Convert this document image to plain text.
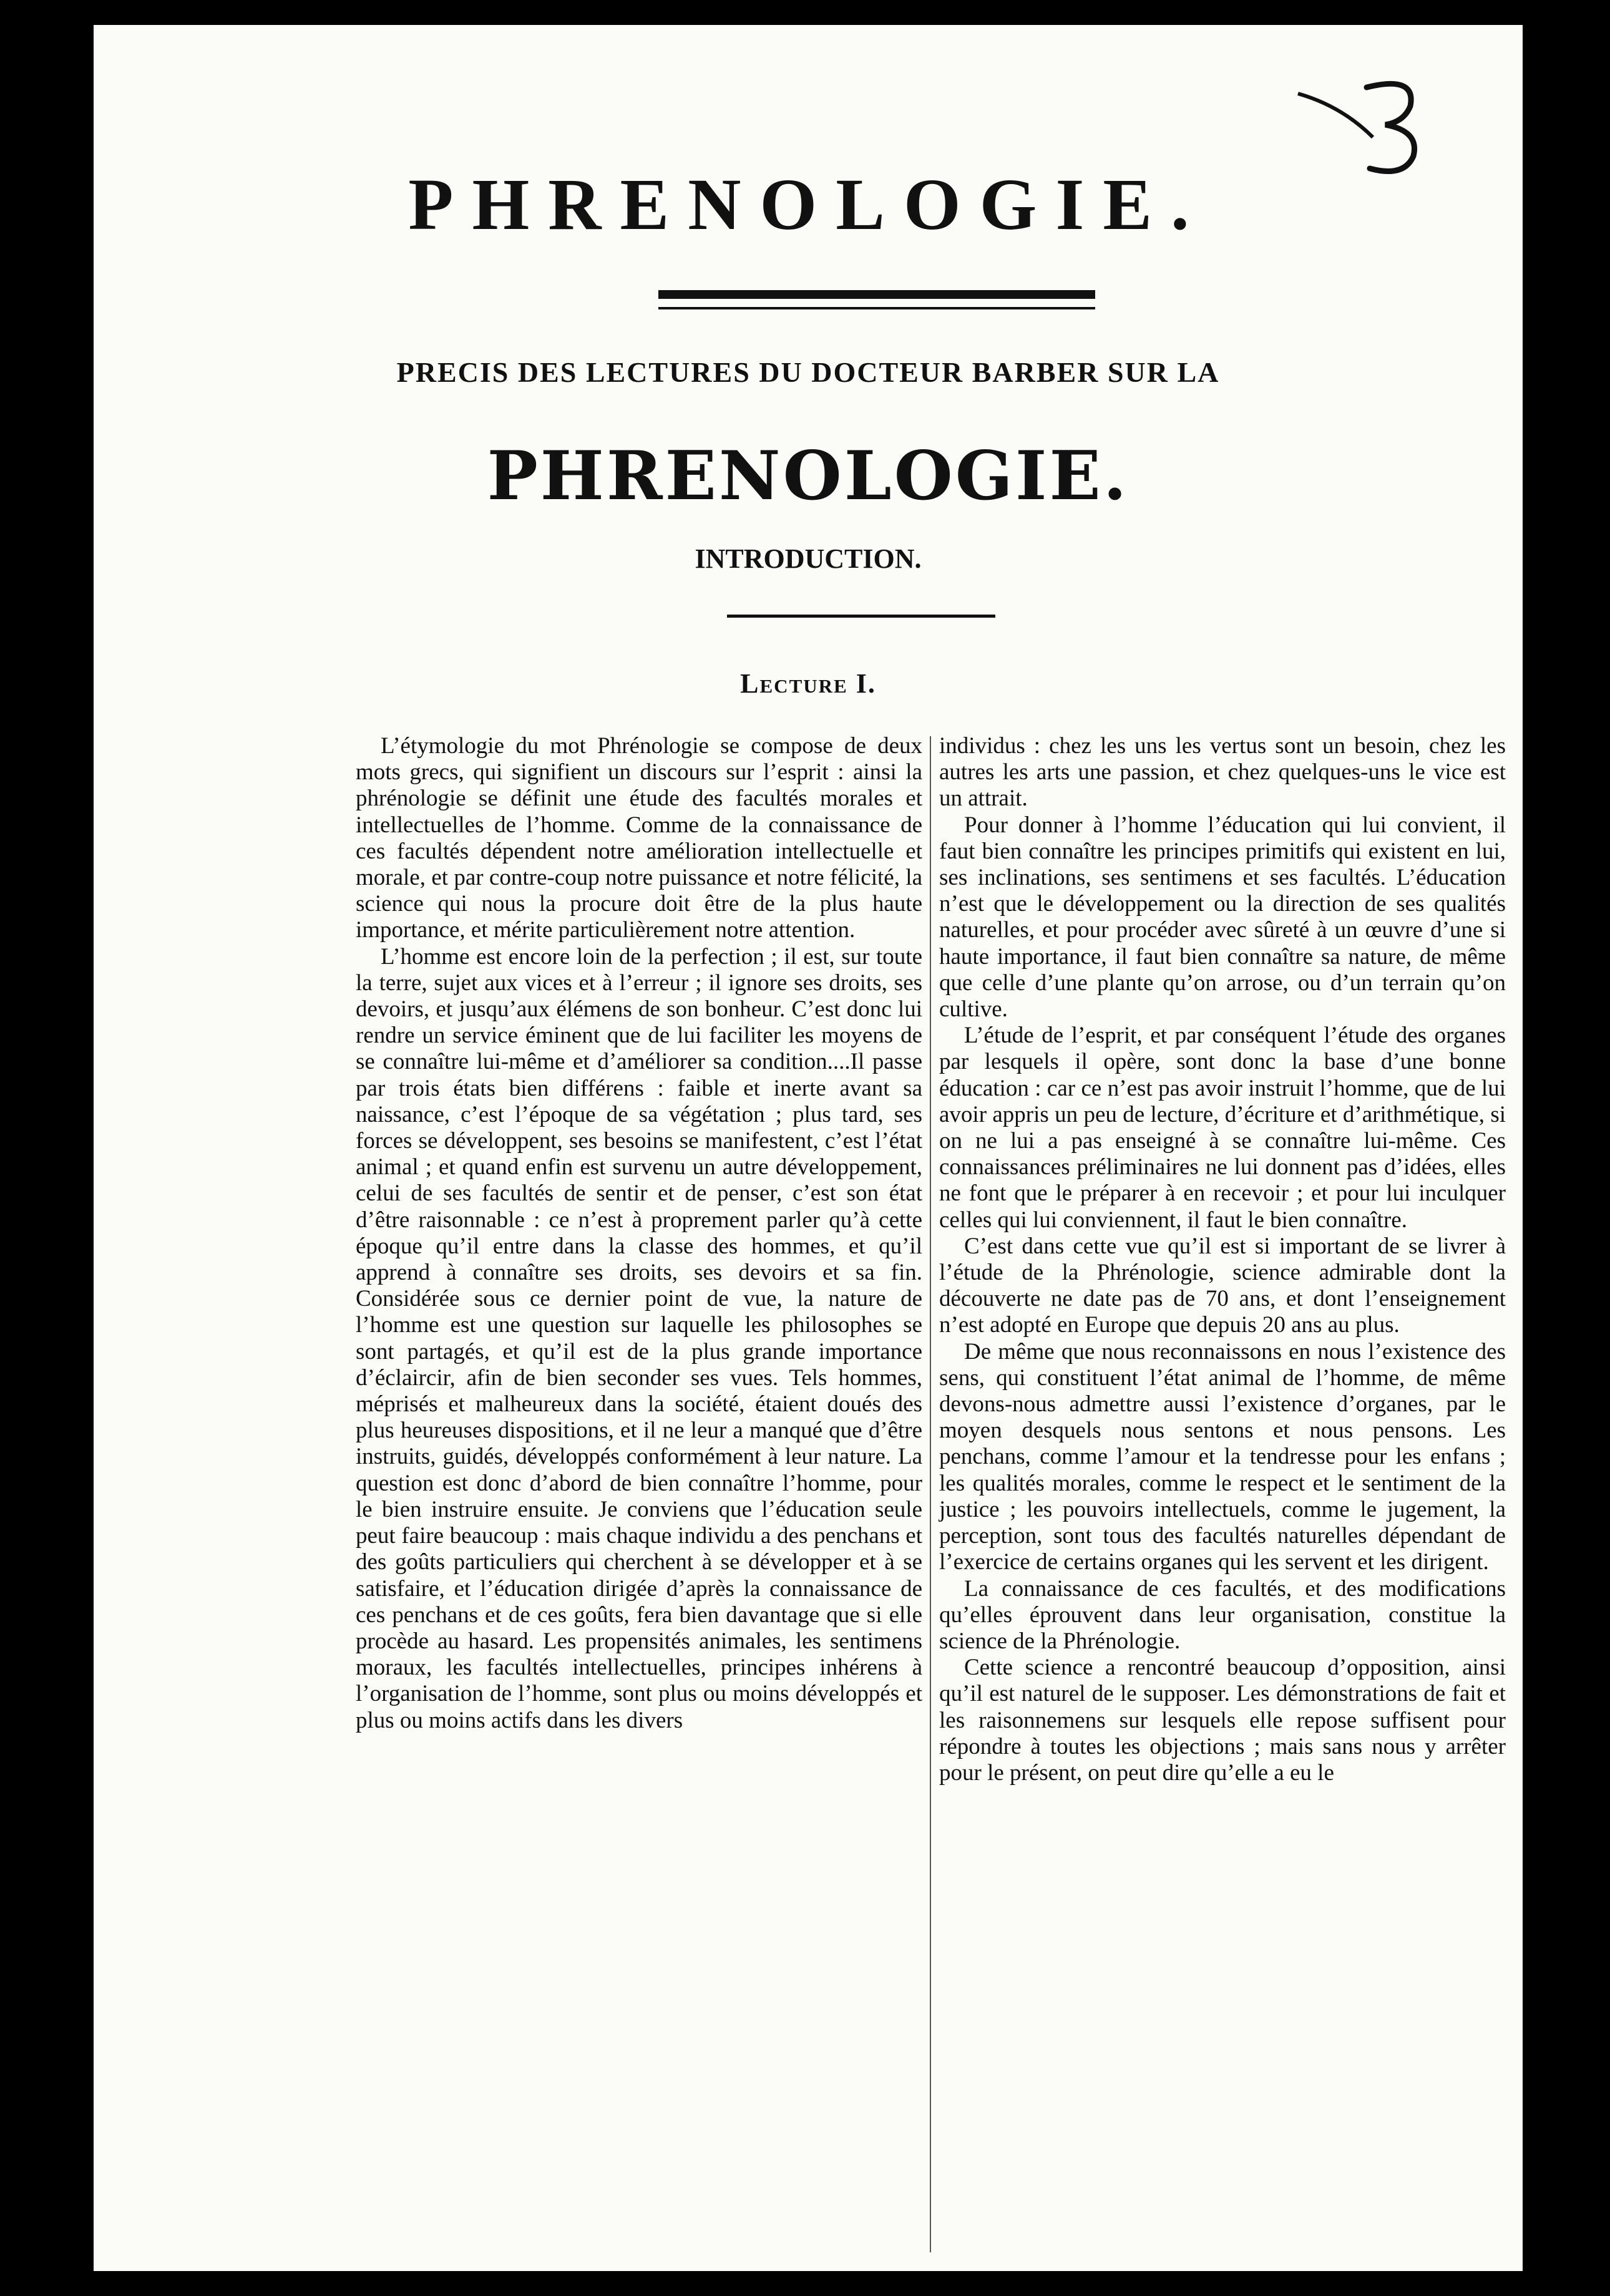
PHRENOLOGIE.
PRECIS DES LECTURES DU DOCTEUR BARBER SUR LA
PHRENOLOGIE.
INTRODUCTION.
Lecture I.

L’étymologie du mot Phrénologie se compose de deux mots grecs, qui signifient un discours sur l’esprit : ainsi la phrénologie se définit une étude des facultés morales et intellectuelles de l’homme. Comme de la connaissance de ces facultés dépendent notre amélioration intellectuelle et morale, et par contre-coup notre puissance et notre félicité, la science qui nous la procure doit être de la plus haute importance, et mérite particulièrement notre attention.

L’homme est encore loin de la perfection ; il est, sur toute la terre, sujet aux vices et à l’erreur ; il ignore ses droits, ses devoirs, et jusqu’aux élémens de son bonheur. C’est donc lui rendre un service éminent que de lui faciliter les moyens de se connaître lui-même et d’améliorer sa condition....Il passe par trois états bien différens : faible et inerte avant sa naissance, c’est l’époque de sa végétation ; plus tard, ses forces se développent, ses besoins se manifestent, c’est l’état animal ; et quand enfin est survenu un autre développement, celui de ses facultés de sentir et de penser, c’est son état d’être raisonnable : ce n’est à proprement parler qu’à cette époque qu’il entre dans la classe des hommes, et qu’il apprend à connaître ses droits, ses devoirs et sa fin. Considérée sous ce dernier point de vue, la nature de l’homme est une question sur laquelle les philosophes se sont partagés, et qu’il est de la plus grande importance d’éclaircir, afin de bien seconder ses vues. Tels hommes, méprisés et malheureux dans la société, étaient doués des plus heureuses dispositions, et il ne leur a manqué que d’être instruits, guidés, développés conformément à leur nature. La question est donc d’abord de bien connaître l’homme, pour le bien instruire ensuite. Je conviens que l’éducation seule peut faire beaucoup : mais chaque individu a des penchans et des goûts particuliers qui cherchent à se développer et à se satisfaire, et l’éducation dirigée d’après la connaissance de ces penchans et de ces goûts, fera bien davantage que si elle procède au hasard. Les propensités animales, les sentimens moraux, les facultés intellectuelles, principes inhérens à l’organisation de l’homme, sont plus ou moins développés et plus ou moins actifs dans les divers

individus : chez les uns les vertus sont un besoin, chez les autres les arts une passion, et chez quelques-uns le vice est un attrait.

Pour donner à l’homme l’éducation qui lui convient, il faut bien connaître les principes primitifs qui existent en lui, ses inclinations, ses sentimens et ses facultés. L’éducation n’est que le développement ou la direction de ses qualités naturelles, et pour procéder avec sûreté à un œuvre d’une si haute importance, il faut bien connaître sa nature, de même que celle d’une plante qu’on arrose, ou d’un terrain qu’on cultive.

L’étude de l’esprit, et par conséquent l’étude des organes par lesquels il opère, sont donc la base d’une bonne éducation : car ce n’est pas avoir instruit l’homme, que de lui avoir appris un peu de lecture, d’écriture et d’arithmétique, si on ne lui a pas enseigné à se connaître lui-même. Ces connaissances préliminaires ne lui donnent pas d’idées, elles ne font que le préparer à en recevoir ; et pour lui inculquer celles qui lui conviennent, il faut le bien connaître.

C’est dans cette vue qu’il est si important de se livrer à l’étude de la Phrénologie, science admirable dont la découverte ne date pas de 70 ans, et dont l’enseignement n’est adopté en Europe que depuis 20 ans au plus.

De même que nous reconnaissons en nous l’existence des sens, qui constituent l’état animal de l’homme, de même devons-nous admettre aussi l’existence d’organes, par le moyen desquels nous sentons et nous pensons. Les penchans, comme l’amour et la tendresse pour les enfans ; les qualités morales, comme le respect et le sentiment de la justice ; les pouvoirs intellectuels, comme le jugement, la perception, sont tous des facultés naturelles dépendant de l’exercice de certains organes qui les servent et les dirigent.

La connaissance de ces facultés, et des modifications qu’elles éprouvent dans leur organisation, constitue la science de la Phrénologie.

Cette science a rencontré beaucoup d’opposition, ainsi qu’il est naturel de le supposer. Les démonstrations de fait et les raisonnemens sur lesquels elle repose suffisent pour répondre à toutes les objections ; mais sans nous y arrêter pour le présent, on peut dire qu’elle a eu le
